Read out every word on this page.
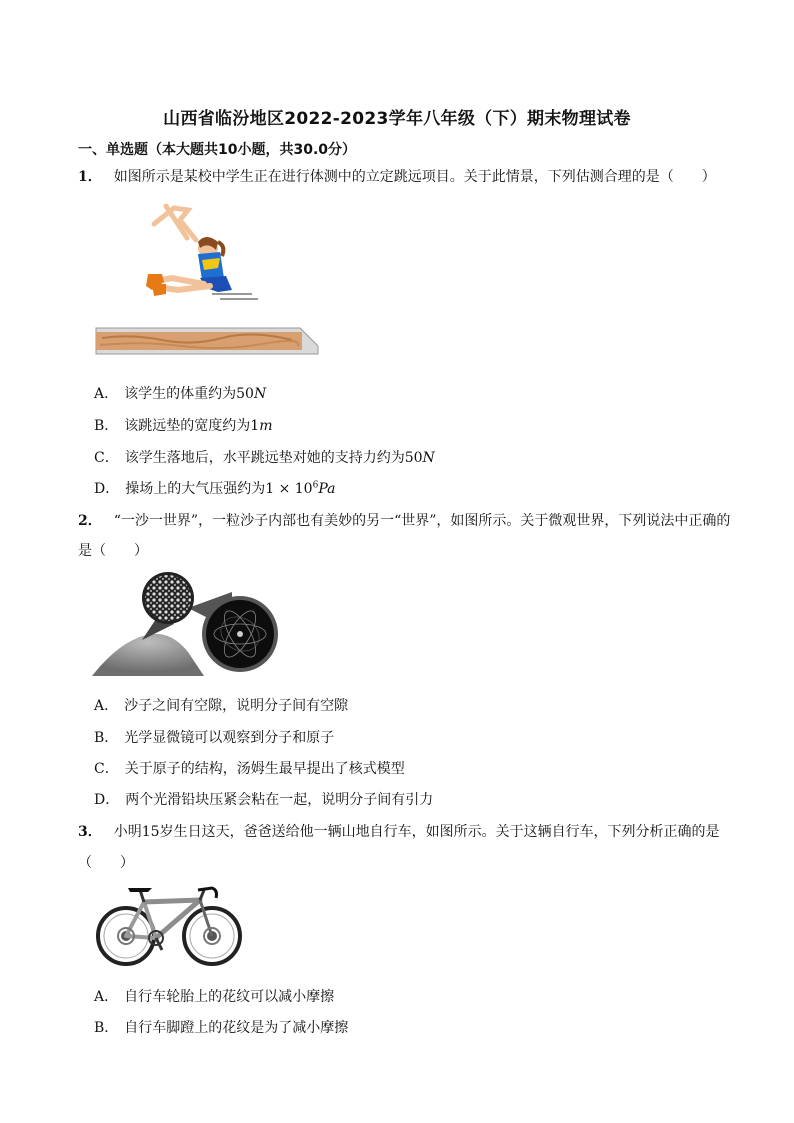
山西省临汾地区2022-2023学年八年级（下）期末物理试卷
一、单选题（本大题共10小题，共30.0分）
1． 如图所示是某校中学生正在进行体测中的立定跳远项目。关于此情景，下列估测合理的是（　　）
A． 该学生的体重约为50N
B． 该跳远垫的宽度约为1m
C． 该学生落地后，水平跳远垫对她的支持力约为50N
D． 操场上的大气压强约为$1 \times 10^6Pa$
2． “一沙一世界”，一粒沙子内部也有美妙的另一“世界”，如图所示。关于微观世界，下列说法中正确的
是（　　）
A． 沙子之间有空隙，说明分子间有空隙
B． 光学显微镜可以观察到分子和原子
C． 关于原子的结构，汤姆生最早提出了核式模型
D． 两个光滑铅块压紧会粘在一起，说明分子间有引力
3． 小明15岁生日这天，爸爸送给他一辆山地自行车，如图所示。关于这辆自行车，下列分析正确的是
（　　）
A． 自行车轮胎上的花纹可以减小摩擦
B． 自行车脚蹬上的花纹是为了减小摩擦
